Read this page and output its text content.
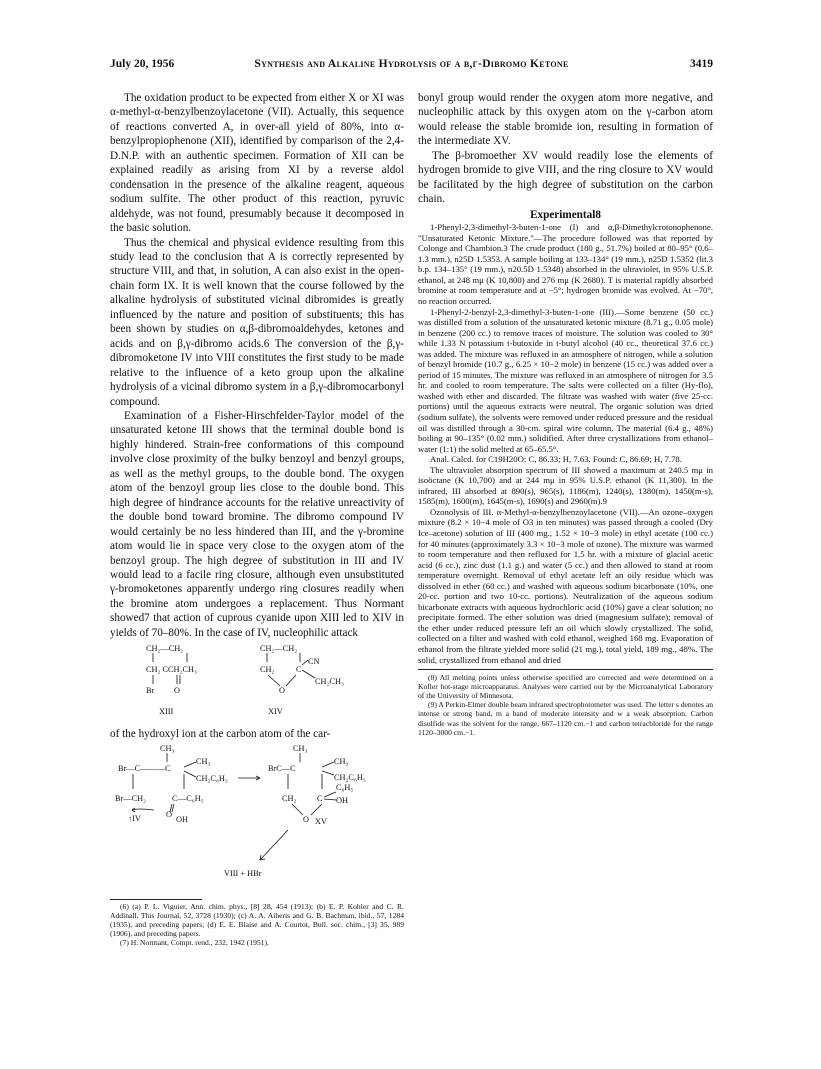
July 20, 1956	Synthesis and Alkaline Hydrolysis of a β,γ-Dibromo Ketone	3419

The oxidation product to be expected from either X or XI was α-methyl-α-benzylbenzoylacetone (VII). Actually, this sequence of reactions converted A, in over-all yield of 80%, into α-benzylpropiophenone (XII), identified by comparison of the 2,4-D.N.P. with an authentic specimen. Formation of XII can be explained readily as arising from XI by a reverse aldol condensation in the presence of the alkaline reagent, aqueous sodium sulfite. The other product of this reaction, pyruvic aldehyde, was not found, presumably because it decomposed in the basic solution.

Thus the chemical and physical evidence resulting from this study lead to the conclusion that A is correctly represented by structure VIII, and that, in solution, A can also exist in the open-chain form IX. It is well known that the course followed by the alkaline hydrolysis of substituted vicinal dibromides is greatly influenced by the nature and position of substituents; this has been shown by studies on α,β-dibromoaldehydes, ketones and acids and on β,γ-dibromo acids.6 The conversion of the β,γ-dibromoketone IV into VIII constitutes the first study to be made relative to the influence of a keto group upon the alkaline hydrolysis of a vicinal dibromo system in a β,γ-dibromocarbonyl compound.

Examination of a Fisher-Hirschfelder-Taylor model of the unsaturated ketone III shows that the terminal double bond is highly hindered. Strain-free conformations of this compound involve close proximity of the bulky benzoyl and benzyl groups, as well as the methyl groups, to the double bond. The oxygen atom of the benzoyl group lies close to the double bond. This high degree of hindrance accounts for the relative unreactivity of the double bond toward bromine. The dibromo compound IV would certainly be no less hindered than III, and the γ-bromine atom would lie in space very close to the oxygen atom of the benzoyl group. The high degree of substitution in III and IV would lead to a facile ring closure, although even unsubstituted γ-bromoketones apparently undergo ring closures readily when the bromine atom undergoes a replacement. Thus Normant showed7 that action of cuprous cyanide upon XIII led to XIV in yields of 70–80%. In the case of IV, nucleophilic attack

CH₂—CH₂
CH₂ CCH₂CH₃
Br O
XIII
CH₂—CH₂
CN
CH₂	C
CH₂CH₃
O
XIV

of the hydroxyl ion at the carbon atom of the car-

CH₃
Br—C———C
CH₃
CH₂C₆H₅
Br—CH₂	C —C₆H₅
↑IV	O
OH
CH₃
BrC—C
CH₃
CH₂C₆H₅
C₆H₅
CH₂ C OH
O XV
VIII + HBr

(6) (a) P. L. Viguier, Ann. chim. phys., [8] 28, 454 (1913); (b) E. P. Kohler and C. R. Addinall, This Journal, 52, 3728 (1930); (c) A. A. Aiberts and G. B. Bachman, ibid., 57, 1284 (1935), and preceding papers; (d) E. E. Blaise and A. Courtot, Bull. soc. chim., [3] 35, 989 (1906), and preceding papers.

(7) H. Normant, Compt. rend., 232, 1942 (1951).

bonyl group would render the oxygen atom more negative, and nucleophilic attack by this oxygen atom on the γ-carbon atom would release the stable bromide ion, resulting in formation of the intermediate XV.

The β-bromoether XV would readily lose the elements of hydrogen bromide to give VIII, and the ring closure to XV would be facilitated by the high degree of substitution on the carbon chain.

Experimental8

1-Phenyl-2,3-dimethyl-3-buten-1-one (I) and α,β-Dimethylcrotonophenone. "Unsaturated Ketonic Mixture."—The procedure followed was that reported by Colonge and Chambion.3 The crude product (180 g., 51.7%) boiled at 80–95° (0.6–1.3 mm.), n25D 1.5353. A sample boiling at 133–134° (19 mm.), n25D 1.5352 (lit.3 b.p. 134–135° (19 mm.), n20.5D 1.5348) absorbed in the ultraviolet, in 95% U.S.P. ethanol, at 248 mμ (K 10,800) and 276 mμ (K 2680). T is material rapidly absorbed bromine at room temperature and at −5°; hydrogen bromide was evolved. At −70°, no reaction occurred.

1-Phenyl-2-benzyl-2,3-dimethyl-3-buten-1-one (III).—Some benzene (50 cc.) was distilled from a solution of the unsaturated ketonic mixture (8.71 g., 0.05 mole) in benzene (200 cc.) to remove traces of moisture. The solution was cooled to 30° while 1.33 N potassium t-butoxide in t-butyl alcohol (40 cc., theoretical 37.6 cc.) was added. The mixture was refluxed in an atmosphere of nitrogen, while a solution of benzyl bromide (10.7 g., 6.25 × 10−2 mole) in benzene (15 cc.) was added over a period of 15 minutes. The mixture was refluxed in an atmosphere of nitrogen for 3.5 hr. and cooled to room temperature. The salts were collected on a filter (Hy-flo), washed with ether and discarded. The filtrate was washed with water (five 25-cc. portions) until the aqueous extracts were neutral. The organic solution was dried (sodium sulfate), the solvents were removed under reduced pressure and the residual oil was distilled through a 30-cm. spiral wire column. The material (6.4 g., 48%) boiling at 90–135° (0.02 mm.) solidified. After three crystallizations from ethanol–water (1:1) the solid melted at 65–65.5°.

Anal. Calcd. for C19H20O: C, 86.33; H, 7.63. Found: C, 86.69; H, 7.78.

The ultraviolet absorption spectrum of III showed a maximum at 240.5 mμ in isoöctane (K 10,700) and at 244 mμ in 95% U.S.P. ethanol (K 11,300). In the infrared, III absorbed at 890(s), 965(s), 1186(m), 1240(s), 1380(m), 1450(m-s), 1585(m), 1600(m), 1645(m-s), 1690(s) and 2960(m).9

Ozonolysis of III. α-Methyl-α-benzylbenzoylacetone (VII).—An ozone–oxygen mixture (8.2 × 10−4 mole of O3 in ten minutes) was passed through a cooled (Dry Ice–acetone) solution of III (400 mg., 1.52 × 10−3 mole) in ethyl acetate (100 cc.) for 40 minutes (approximately 3.3 × 10−3 mole of ozone). The mixture was warmed to room temperature and then refluxed for 1.5 hr. with a mixture of glacial acetic acid (6 cc.), zinc dust (1.1 g.) and water (5 cc.) and then allowed to stand at room temperature overnight. Removal of ethyl acetate left an oily residue which was dissolved in ether (60 cc.) and washed with aqueous sodium bicarbonate (10%, one 20-cc. portion and two 10-cc. portions). Neutralization of the aqueous sodium bicarbonate extracts with aqueous hydrochloric acid (10%) gave a clear solution; no precipitate formed. The ether solution was dried (magnesium sulfate); removal of the ether under reduced pressure left an oil which slowly crystallized. The solid, collected on a filter and washed with cold ethanol, weighed 168 mg. Evaporation of ethanol from the filtrate yielded more solid (21 mg.), total yield, 189 mg., 48%. The solid, crystallized from ethanol and dried

(8) All melting points unless otherwise specified are corrected and were determined on a Kofler hot-stage microapparatus. Analyses were carried out by the Microanalytical Laboratory of the University of Minnesota.

(9) A Perkin-Elmer double beam infrared spectrophotometer was used. The letter s denotes an intense or strong band, m a band of moderate intensity and w a weak absorption. Carbon disulfide was the solvent for the range, 667–1120 cm.−1 and carbon tetrachloride for the range 1120–3000 cm.−1.
